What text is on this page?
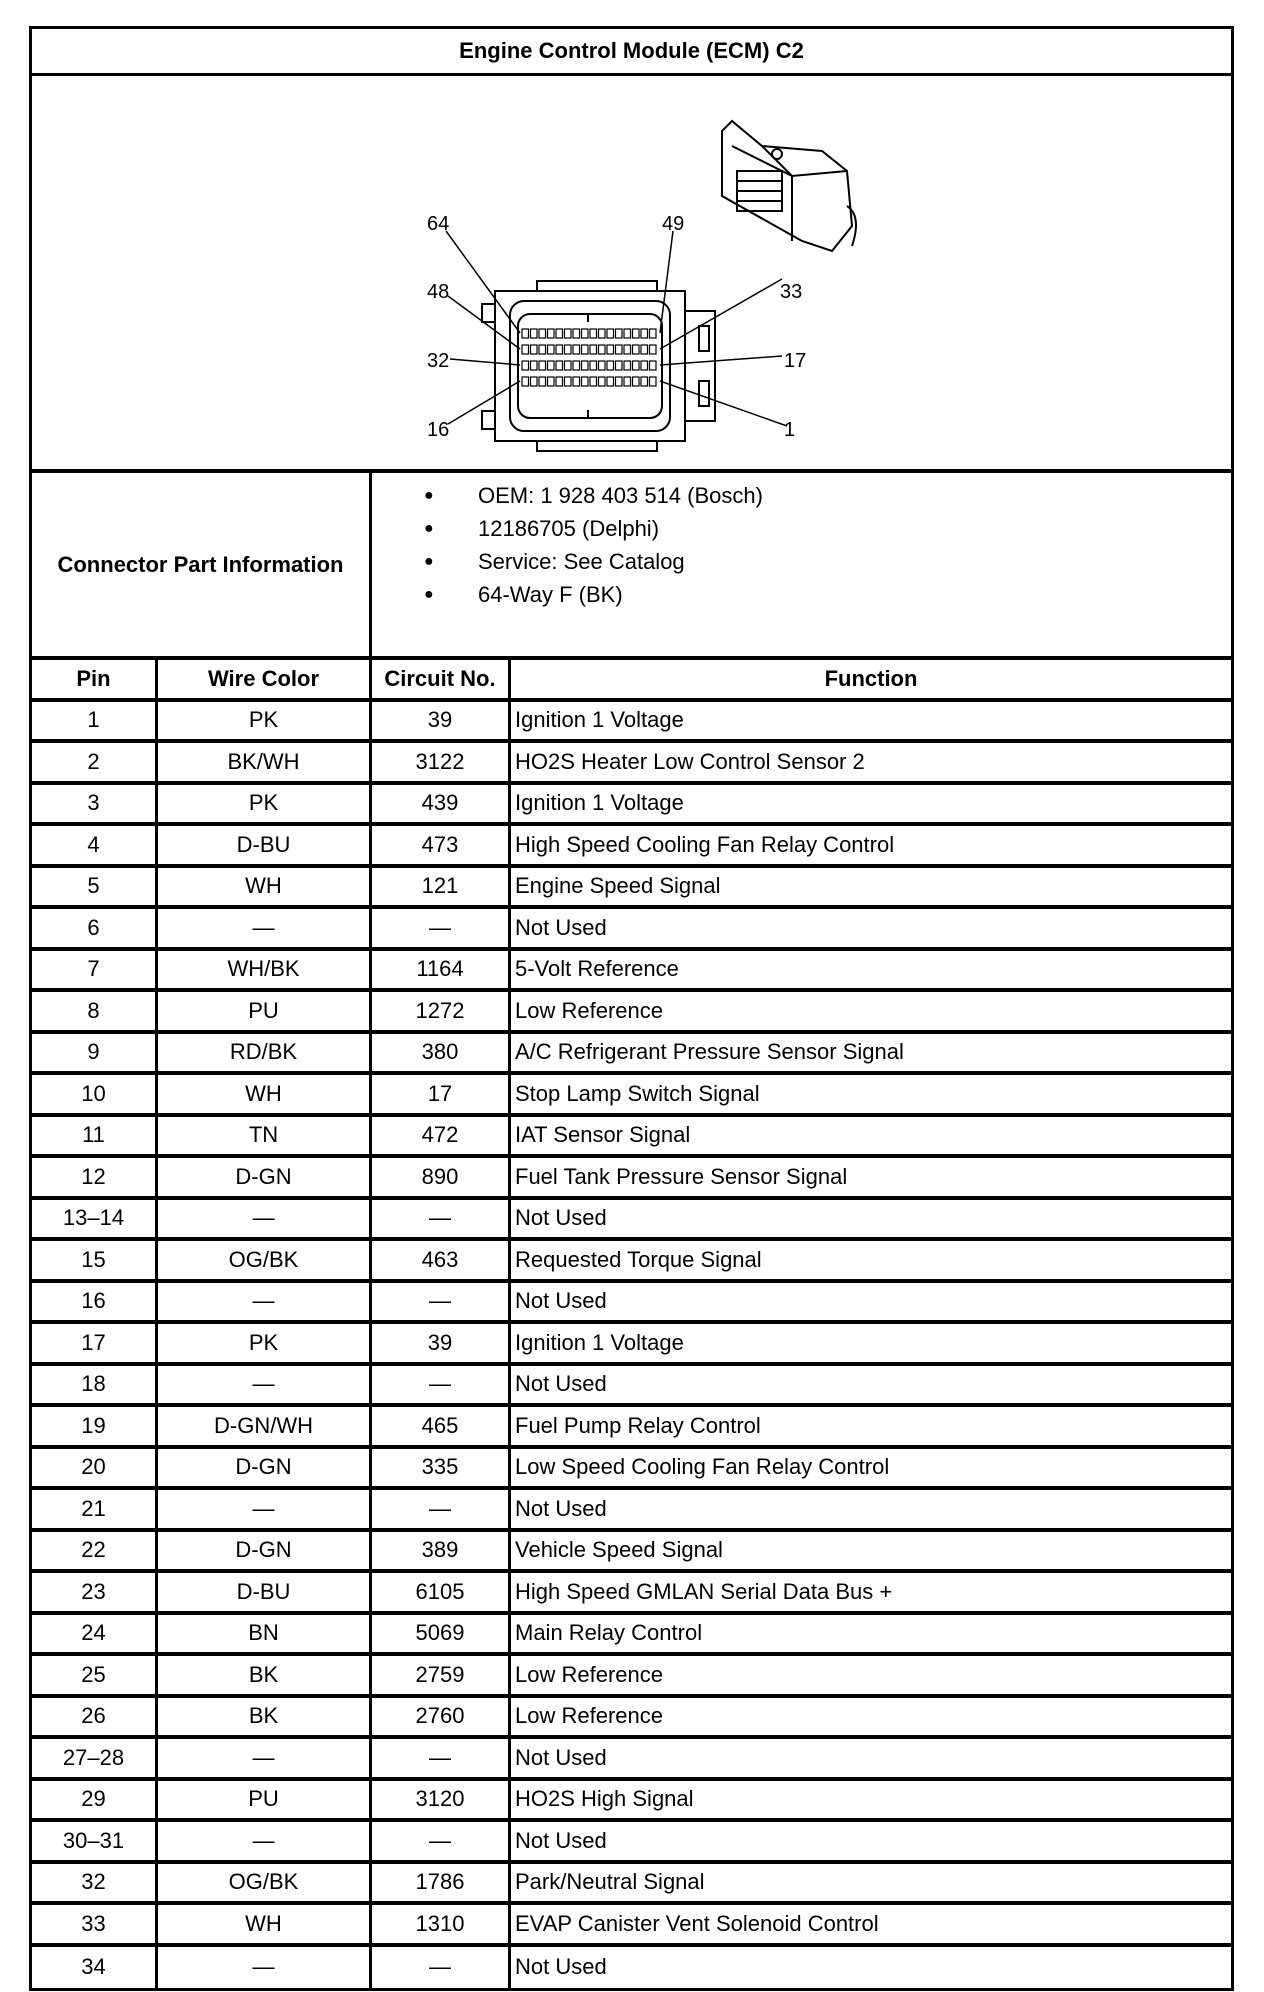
Engine Control Module (ECM) C2
64	49
48	33
32	17
16	1
Connector Part Information
●	OEM: 1 928 403 514 (Bosch)
●	12186705 (Delphi)
●	Service: See Catalog
●	64-Way F (BK)
Pin	Wire Color	Circuit No.	Function
1	PK	39	Ignition 1 Voltage
2	BK/WH	3122	HO2S Heater Low Control Sensor 2
3	PK	439	Ignition 1 Voltage
4	D-BU	473	High Speed Cooling Fan Relay Control
5	WH	121	Engine Speed Signal
6	—	—	Not Used
7	WH/BK	1164	5-Volt Reference
8	PU	1272	Low Reference
9	RD/BK	380	A/C Refrigerant Pressure Sensor Signal
10	WH	17	Stop Lamp Switch Signal
11	TN	472	IAT Sensor Signal
12	D-GN	890	Fuel Tank Pressure Sensor Signal
13–14	—	—	Not Used
15	OG/BK	463	Requested Torque Signal
16	—	—	Not Used
17	PK	39	Ignition 1 Voltage
18	—	—	Not Used
19	D-GN/WH	465	Fuel Pump Relay Control
20	D-GN	335	Low Speed Cooling Fan Relay Control
21	—	—	Not Used
22	D-GN	389	Vehicle Speed Signal
23	D-BU	6105	High Speed GMLAN Serial Data Bus +
24	BN	5069	Main Relay Control
25	BK	2759	Low Reference
26	BK	2760	Low Reference
27–28	—	—	Not Used
29	PU	3120	HO2S High Signal
30–31	—	—	Not Used
32	OG/BK	1786	Park/Neutral Signal
33	WH	1310	EVAP Canister Vent Solenoid Control
34	—	—	Not Used
